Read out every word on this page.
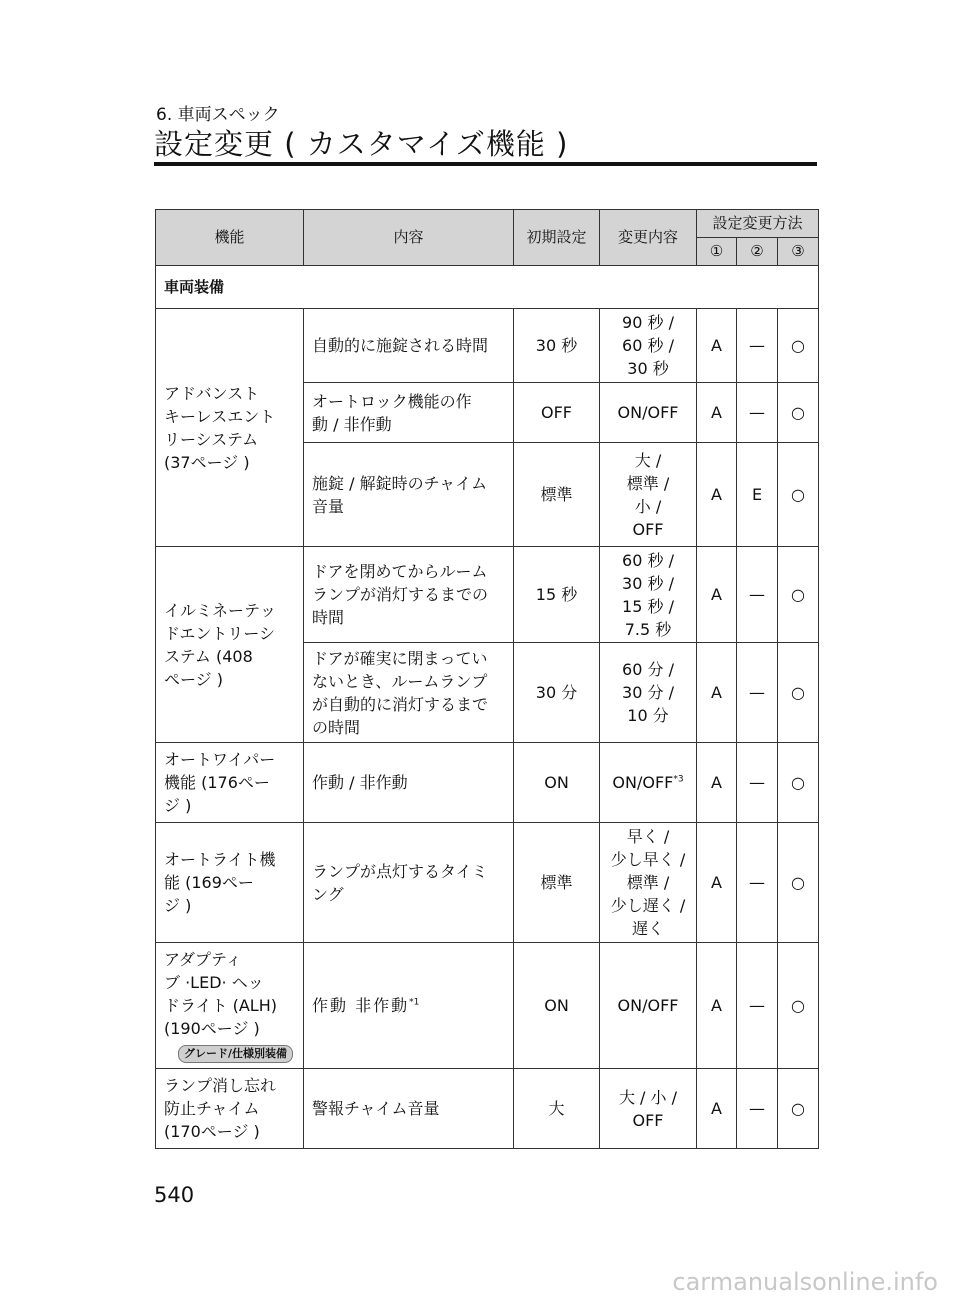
6. 車両スペック
設定変更 ( カスタマイズ機能 )
機能	内容	初期設定	変更内容	設定変更方法		
				①	②	③
車両装備						
アドバンスト
キーレスエント
リーシステム
(37ページ )	自動的に施錠される時間	30 秒	90 秒 /
60 秒 /
30 秒	A	—	○
	オートロック機能の作
動 / 非作動	OFF	ON/OFF	A	—	○
	施錠 / 解錠時のチャイム
音量	標準	大 /
標準 /
小 /
OFF	A	E	○
イルミネーテッ
ドエントリーシ
ステム (408
ページ )	ドアを閉めてからルーム
ランプが消灯するまでの
時間	15 秒	60 秒 /
30 秒 /
15 秒 /
7.5 秒	A	—	○
	ドアが確実に閉まってい
ないとき、ルームランプ
が自動的に消灯するまで
の時間	30 分	60 分 /
30 分 /
10 分	A	—	○
オートワイパー
機能 (176ペー
ジ )	作動 / 非作動	ON	ON/OFF$^{*3}$	A	—	○
オートライト機
能 (169ペー
ジ )	ランプが点灯するタイミ
ング	標準	早く /
少し早く /
標準 /
少し遅く /
遅く	A	—	○
アダプティ
ブ ·LED· ヘッ
ドライト (ALH)
(190ページ )
グレード/仕様別装備	作動 非作動$^{*1}$	ON	ON/OFF	A	—	○
ランプ消し忘れ
防止チャイム
(170ページ )	警報チャイム音量	大	大 / 小 /
OFF	A	—	○
540
carmanualsonline.info
